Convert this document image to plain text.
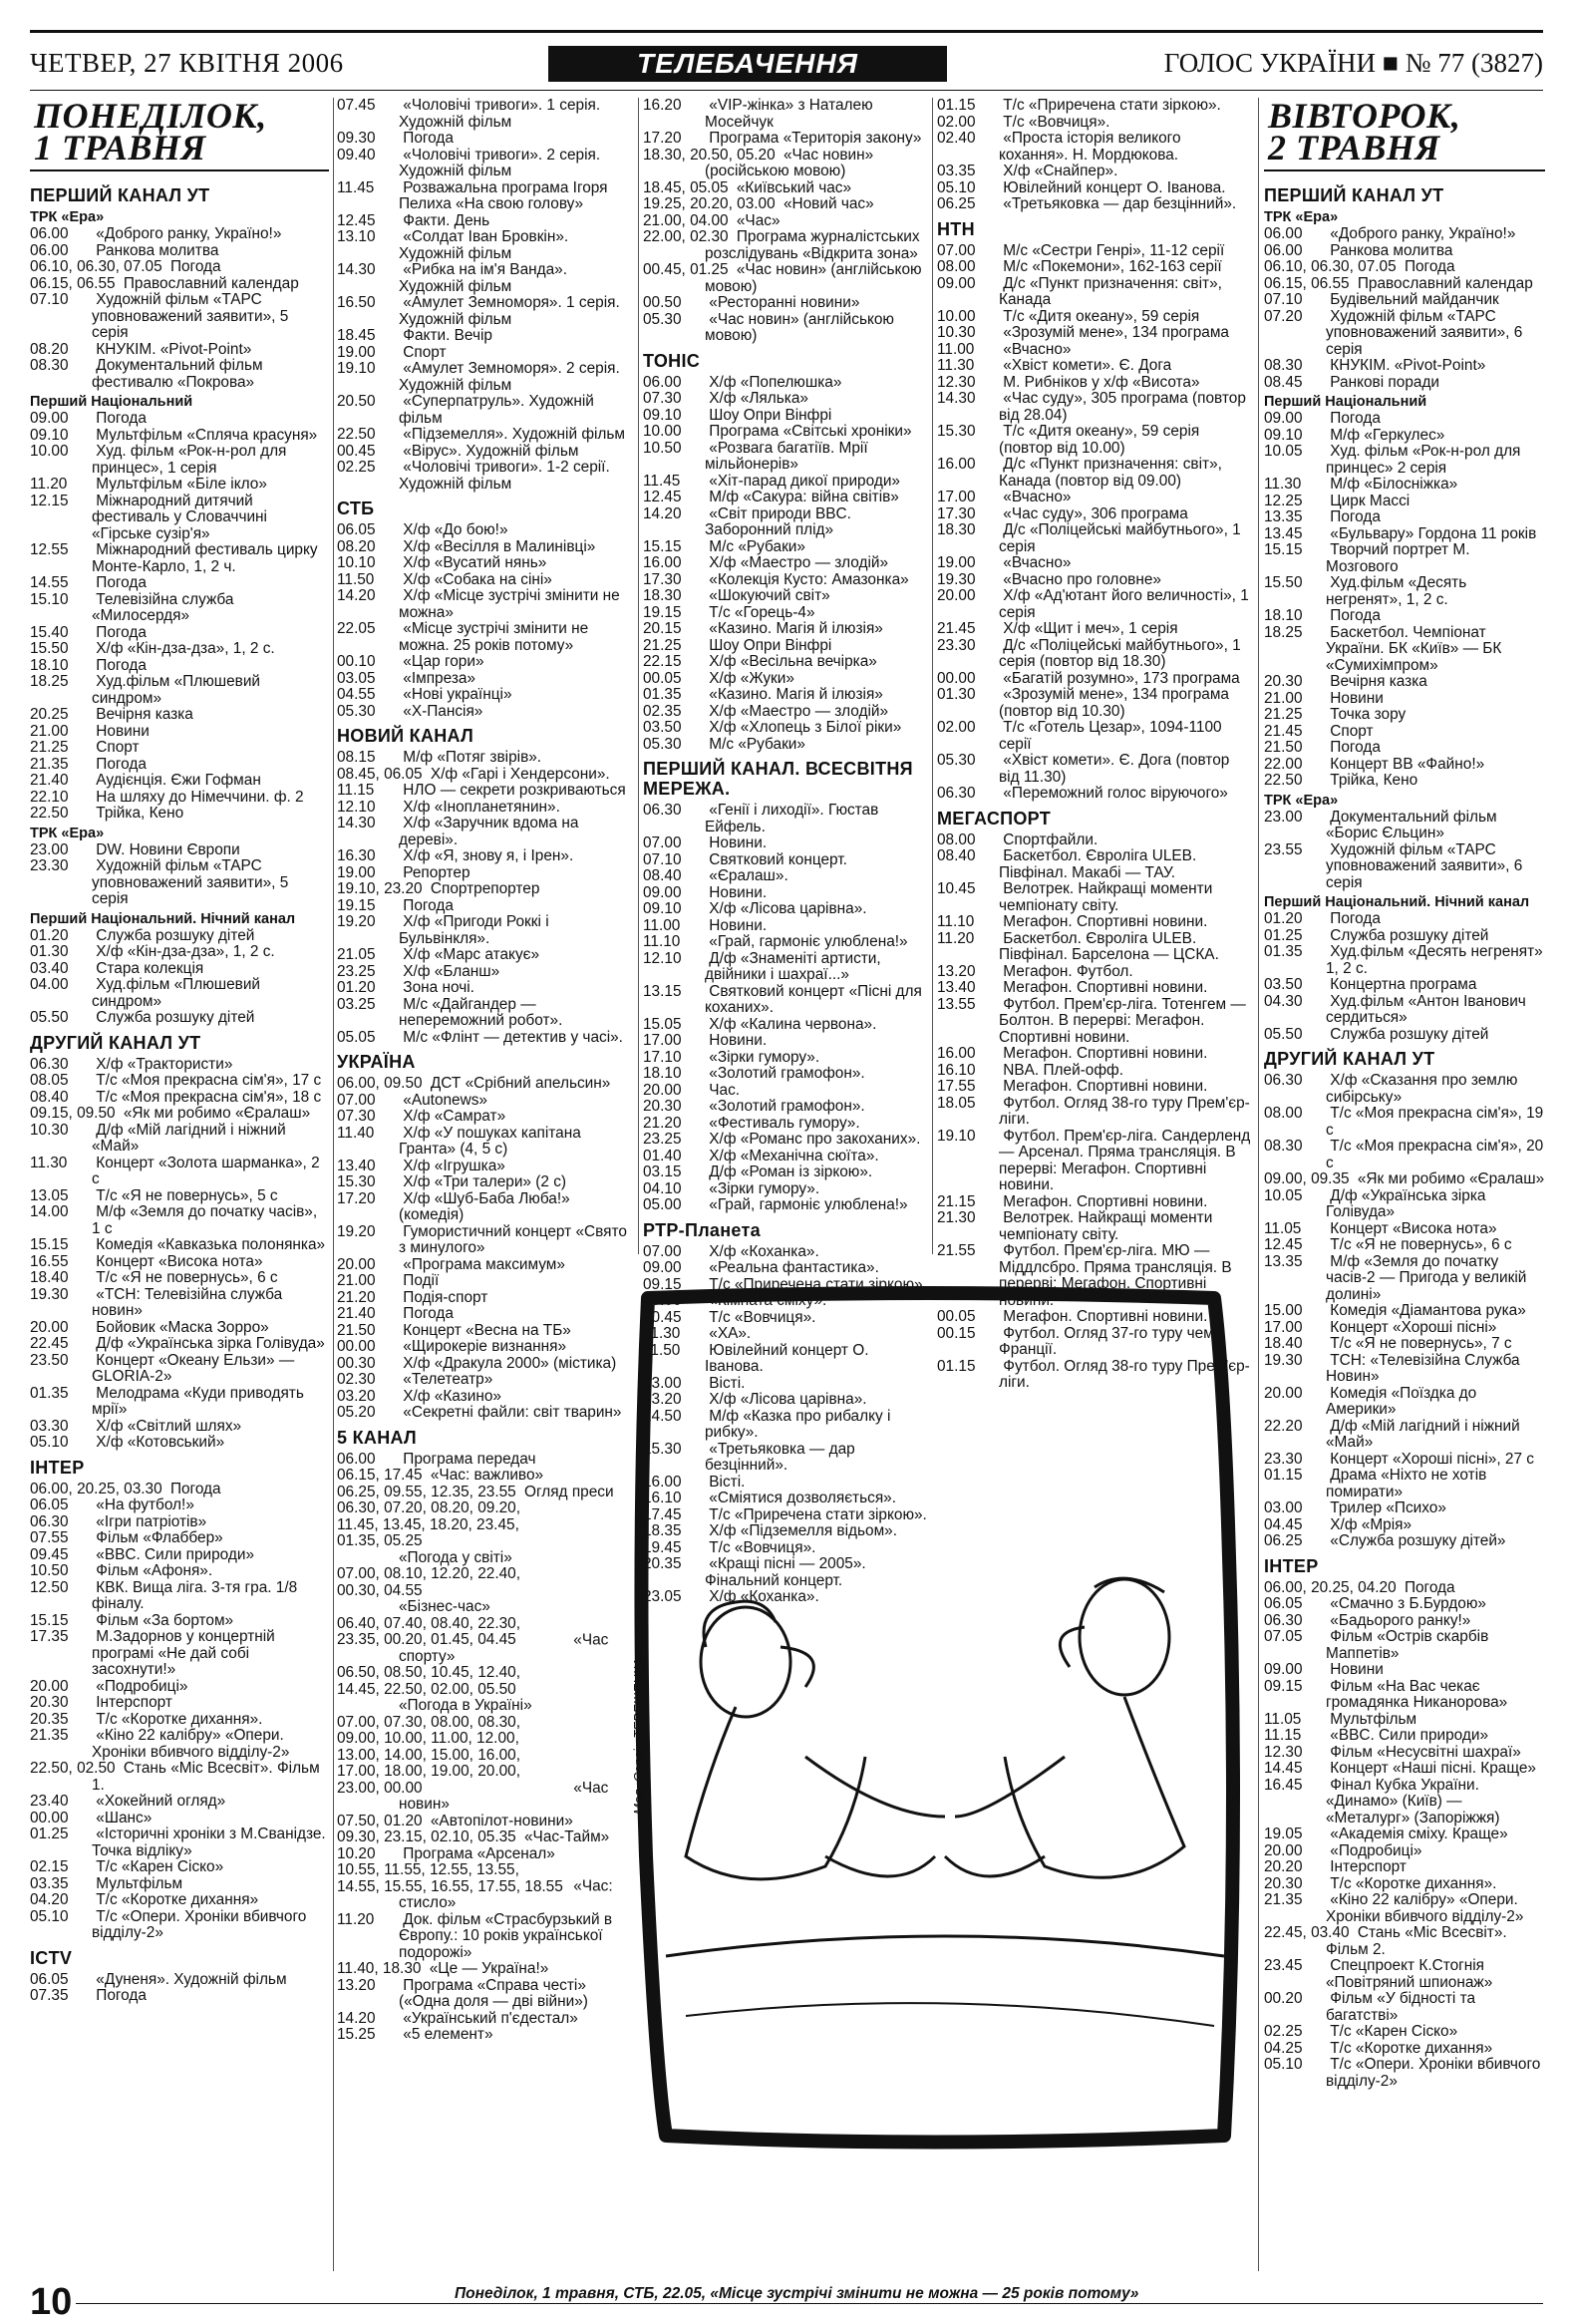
ЧЕТВЕР, 27 КВІТНЯ 2006	ТЕЛЕБАЧЕННЯ	ГОЛОС УКРАЇНИ ■ № 77 (3827)
ПОНЕДІЛОК,
1 ТРАВНЯ
ПЕРШИЙ КАНАЛ УТ
ТРК «Ера»
06.00 «Доброго ранку, Україно!»
06.00 Ранкова молитва
06.10, 06.30, 07.05 Погода
06.15, 06.55 Православний календар
07.10 Художній фільм «ТАРС уповноважений заявити», 5 серія
08.20 КНУКІМ. «Pivot-Point»
08.30 Документальний фільм фестивалю «Покрова»
Перший Національний
09.00 Погода
09.10 Мультфільм «Спляча красуня»
10.00 Худ. фільм «Рок-н-рол для принцес», 1 серія
11.20 Мультфільм «Біле ікло»
12.15 Міжнародний дитячий фестиваль у Словаччині «Гірське сузір'я»
12.55 Міжнародний фестиваль цирку Монте-Карло, 1, 2 ч.
14.55 Погода
15.10 Телевізійна служба «Милосердя»
15.40 Погода
15.50 Х/ф «Кін-дза-дза», 1, 2 с.
18.10 Погода
18.25 Худ.фільм «Плюшевий синдром»
20.25 Вечірня казка
21.00 Новини
21.25 Спорт
21.35 Погода
21.40 Аудієнція. Єжи Гофман
22.10 На шляху до Німеччини. ф. 2
22.50 Трійка, Кено
ТРК «Ера»
23.00 DW. Новини Європи
23.30 Художній фільм «ТАРС уповноважений заявити», 5 серія
Перший Національний. Нічний канал
01.20 Служба розшуку дітей
01.30 Х/ф «Кін-дза-дза», 1, 2 с.
03.40 Стара колекція
04.00 Худ.фільм «Плюшевий синдром»
05.50 Служба розшуку дітей
ДРУГИЙ КАНАЛ УТ
06.30 Х/ф «Трактористи»
08.05 Т/с «Моя прекрасна сім'я», 17 с
08.40 Т/с «Моя прекрасна сім'я», 18 с
09.15, 09.50 «Як ми робимо «Єралаш»
10.30 Д/ф «Мій лагідний і ніжний «Май»
11.30 Концерт «Золота шарманка», 2 с
13.05 Т/с «Я не повернусь», 5 с
14.00 М/ф «Земля до початку часів», 1 с
15.15 Комедія «Кавказька полонянка»
16.55 Концерт «Висока нота»
18.40 Т/с «Я не повернусь», 6 с
19.30 «ТСН: Телевізійна служба новин»
20.00 Бойовик «Маска Зорро»
22.45 Д/ф «Українська зірка Голівуда»
23.50 Концерт «Океану Ельзи» — GLORIA-2»
01.35 Мелодрама «Куди приводять мрії»
03.30 Х/ф «Світлий шлях»
05.10 Х/ф «Котовський»
ІНТЕР
06.00, 20.25, 03.30 Погода
06.05 «На футбол!»
06.30 «Ігри патріотів»
07.55 Фільм «Флаббер»
09.45 «BBC. Сили природи»
10.50 Фільм «Афоня».
12.50 КВК. Вища ліга. 3-тя гра. 1/8 фіналу.
15.15 Фільм «За бортом»
17.35 М.Задорнов у концертній програмі «Не дай собі засохнути!»
20.00 «Подробиці»
20.30 Інтерспорт
20.35 Т/с «Коротке дихання».
21.35 «Кіно 22 калібру» «Опери. Хроніки вбивчого відділу-2»
22.50, 02.50 Стань «Міс Всесвіт». Фільм 1.
23.40 «Хокейний огляд»
00.00 «Шанс»
01.25 «Історичні хроніки з М.Сванідзе. Точка відліку»
02.15 Т/с «Карен Сіско»
03.35 Мультфільм
04.20 Т/с «Коротке дихання»
05.10 Т/с «Опери. Хроніки вбивчого відділу-2»
ICTV
06.05 «Дуненя». Художній фільм
07.35 Погода
07.45 «Чоловічі тривоги». 1 серія. Художній фільм
09.30 Погода
09.40 «Чоловічі тривоги». 2 серія. Художній фільм
11.45 Розважальна програма Ігоря Пелиха «На свою голову»
12.45 Факти. День
13.10 «Солдат Іван Бровкін». Художній фільм
14.30 «Рибка на ім'я Ванда». Художній фільм
16.50 «Амулет Земноморя». 1 серія. Художній фільм
18.45 Факти. Вечір
19.00 Спорт
19.10 «Амулет Земноморя». 2 серія. Художній фільм
20.50 «Суперпатруль». Художній фільм
22.50 «Підземелля». Художній фільм
00.45 «Вірус». Художній фільм
02.25 «Чоловічі тривоги». 1-2 серії. Художній фільм
СТБ
06.05 Х/ф «До бою!»
08.20 Х/ф «Весілля в Малинівці»
10.10 Х/ф «Вусатий нянь»
11.50 Х/ф «Собака на сіні»
14.20 Х/ф «Місце зустрічі змінити не можна»
22.05 «Місце зустрічі змінити не можна. 25 років потому»
00.10 «Цар гори»
03.05 «Імпреза»
04.55 «Нові українці»
05.30 «Х-Пансія»
НОВИЙ КАНАЛ
08.15 М/ф «Потяг звірів».
08.45, 06.05 Х/ф «Гарі і Хендерсони».
11.15 НЛО — секрети розкриваються
12.10 Х/ф «Інопланетянин».
14.30 Х/ф «Заручник вдома на деревi».
16.30 Х/ф «Я, знову я, і Ірен».
19.00 Репортер
19.10, 23.20 Спортрепортер
19.15 Погода
19.20 Х/ф «Пригоди Роккі і Бульвінкля».
21.05 Х/ф «Марс атакує»
23.25 Х/ф «Бланш»
01.20 Зона ночі.
03.25 М/с «Дайгандер — непереможний робот».
05.05 М/с «Флінт — детектив у часі».
УКРАЇНА
06.00, 09.50 ДСТ «Срібний апельсин»
07.00 «Autonews»
07.30 Х/ф «Самрат»
11.40 Х/ф «У пошуках капітана Гранта» (4, 5 с)
13.40 Х/ф «Ігрушка»
15.30 Х/ф «Три талери» (2 с)
17.20 Х/ф «Шуб-Баба Люба!» (комедія)
19.20 Гумористичний концерт «Свято з минулого»
20.00 «Програма максимум»
21.00 Події
21.20 Подія-спорт
21.40 Погода
21.50 Концерт «Весна на ТБ»
00.00 «Щирокеріе визнання»
00.30 Х/ф «Дракула 2000» (містика)
02.30 «Телетеатр»
03.20 Х/ф «Казино»
05.20 «Секретні файли: світ тварин»
5 КАНАЛ
06.00 Програма передач
06.15, 17.45 «Час: важливо»
06.25, 09.55, 12.35, 23.55 Огляд преси
06.30, 07.20, 08.20, 09.20, 11.45, 13.45, 18.20, 23.45, 01.35, 05.25 «Погода у світі»
07.00, 08.10, 12.20, 22.40, 00.30, 04.55 «Бізнес-час»
06.40, 07.40, 08.40, 22.30, 23.35, 00.20, 01.45, 04.45	«Час спорту»
06.50, 08.50, 10.45, 12.40, 14.45, 22.50, 02.00, 05.50 «Погода в Україні»
07.00, 07.30, 08.00, 08.30, 09.00, 10.00, 11.00, 12.00, 13.00, 14.00, 15.00, 16.00, 17.00, 18.00, 19.00, 20.00, 23.00, 00.00	«Час новин»
07.50, 01.20 «Автопілот-новини»
09.30, 23.15, 02.10, 05.35 «Час-Тайм»
10.20 Програма «Арсенал»
10.55, 11.55, 12.55, 13.55, 14.55, 15.55, 16.55, 17.55, 18.55 «Час: стисло»
11.20 Док. фільм «Страсбурзький в Європу.: 10 років української подорожі»
11.40, 18.30 «Це — Україна!»
13.20 Програма «Справа честі» («Одна доля — дві війни»)
14.20 «Український п'єдестал»
15.25 «5 елемент»
16.20 «VIP-жінка» з Наталею Мосейчук
17.20 Програма «Територія закону»
18.30, 20.50, 05.20 «Час новин» (російською мовою)
18.45, 05.05 «Київський час»
19.25, 20.20, 03.00 «Новий час»
21.00, 04.00 «Час»
22.00, 02.30 Програма журналістських розслідувань «Відкрита зона»
00.45, 01.25 «Час новин» (англійською мовою)
00.50 «Ресторанні новини»
05.30 «Час новин» (англійською мовою)
ТОНІС
06.00 Х/ф «Попелюшка»
07.30 Х/ф «Лялька»
09.10 Шоу Опри Вінфрі
10.00 Програма «Світські хроніки»
10.50 «Розвага багатіїв. Мрії мільйонерів»
11.45 «Хіт-парад дикої природи»
12.45 М/ф «Сакура: війна світів»
14.20 «Світ природи BBC. Заборонний плід»
15.15 М/с «Рубаки»
16.00 Х/ф «Маестро — злодій»
17.30 «Колекція Кусто: Амазонка»
18.30 «Шокуючий світ»
19.15 Т/с «Горець-4»
20.15 «Казино. Магія й ілюзія»
21.25 Шоу Опри Вінфрі
22.15 Х/ф «Весільна вечірка»
00.05 Х/ф «Жуки»
01.35 «Казино. Магія й ілюзія»
02.35 Х/ф «Маестро — злодій»
03.50 Х/ф «Хлопець з Білої ріки»
05.30 М/с «Рубаки»
ПЕРШИЙ КАНАЛ. ВСЕСВІТНЯ МЕРЕЖА.
06.30 «Генії і лиходії». Гюстав Ейфель.
07.00 Новини.
07.10 Святковий концерт.
08.40 «Єралаш».
09.00 Новини.
09.10 Х/ф «Лісова царівна».
11.00 Новини.
11.10 «Грай, гармоніє улюблена!»
12.10 Д/ф «Знаменіті артисти, двійники і шахраї...»
13.15 Святковий концерт «Пісні для коханих».
15.05 Х/ф «Калина червона».
17.00 Новини.
17.10 «Зірки гумору».
18.10 «Золотий грамофон».
20.00 Час.
20.30 «Золотий грамофон».
21.20 «Фестиваль гумору».
23.25 Х/ф «Романс про закоханих».
01.40 Х/ф «Механічна сюїта».
03.15 Д/ф «Роман із зіркою».
04.10 «Зірки гумору».
05.00 «Грай, гармоніє улюблена!»
РТР-Планета
07.00 Х/ф «Коханка».
09.00 «Реальна фантастика».
09.15 Т/с «Приречена стати зіркою».
10.00 «Кімната сміху».
10.45 Т/с «Вовчиця».
11.30 «ХА».
11.50 Ювілейний концерт О. Іванова.
13.00 Вісті.
13.20 Х/ф «Лісова царівна».
14.50 М/ф «Казка про рибалку і рибку».
15.30 «Третьяковка — дар безцінний».
16.00 Вісті.
16.10 «Сміятися дозволяється».
17.45 Т/с «Приречена стати зіркою».
18.35 Х/ф «Підземелля відьом».
19.45 Т/с «Вовчиця».
20.35 «Кращі пісні — 2005». Фінальний концерт.
23.05 Х/ф «Коханка».
01.15 Т/с «Приречена стати зіркою».
02.00 Т/с «Вовчиця».
02.40 «Проста історія великого кохання». Н. Мордюкова.
03.35 Х/ф «Снайпер».
05.10 Ювілейний концерт О. Іванова.
06.25 «Третьяковка — дар безцінний».
НТН
07.00 М/с «Сестри Генрі», 11-12 серії
08.00 М/с «Покемони», 162-163 серії
09.00 Д/с «Пункт призначення: світ», Канада
10.00 Т/с «Дитя океану», 59 серія
10.30 «Зрозумій мене», 134 програма
11.00 «Вчасно»
11.30 «Хвіст комети». Є. Дога
12.30 М. Рибніков у х/ф «Висота»
14.30 «Час суду», 305 програма (повтор від 28.04)
15.30 Т/с «Дитя океану», 59 серія (повтор від 10.00)
16.00 Д/с «Пункт призначення: світ», Канада (повтор від 09.00)
17.00 «Вчасно»
17.30 «Час суду», 306 програма
18.30 Д/с «Поліцейські майбутнього», 1 серія
19.00 «Вчасно»
19.30 «Вчасно про головне»
20.00 Х/ф «Ад'ютант його величності», 1 серія
21.45 Х/ф «Щит і меч», 1 серія
23.30 Д/с «Поліцейські майбутнього», 1 серія (повтор від 18.30)
00.00 «Багатій розумно», 173 програма
01.30 «Зрозумій мене», 134 програма (повтор від 10.30)
02.00 Т/с «Готель Цезар», 1094-1100 серії
05.30 «Хвіст комети». Є. Дога (повтор від 11.30)
06.30 «Переможний голос віруючого»
МЕГАСПОРТ
08.00 Спортфайли.
08.40 Баскетбол. Євроліга ULEB. Півфінал. Макабі — ТАУ.
10.45 Велотрек. Найкращі моменти чемпіонату світу.
11.10 Мегафон. Спортивні новини.
11.20 Баскетбол. Євроліга ULEB. Півфінал. Барселона — ЦСКА.
13.20 Мегафон. Футбол.
13.40 Мегафон. Спортивні новини.
13.55 Футбол. Прем'єр-ліга. Тотенгем — Болтон. В перерві: Мегафон. Спортивні новини.
16.00 Мегафон. Спортивні новини.
16.10 NBA. Плей-офф.
17.55 Мегафон. Спортивні новини.
18.05 Футбол. Огляд 38-го туру Прем'єр-ліги.
19.10 Футбол. Прем'єр-ліга. Сандерленд — Арсенал. Пряма трансляція. В перерві: Мегафон. Спортивні новини.
21.15 Мегафон. Спортивні новини.
21.30 Велотрек. Найкращі моменти чемпіонату світу.
21.55 Футбол. Прем'єр-ліга. МЮ — Міддлсбро. Пряма трансляція. В перерві: Мегафон. Спортивні новини.
00.05 Мегафон. Спортивні новини.
00.15 Футбол. Огляд 37-го туру чемп. Франції.
01.15 Футбол. Огляд 38-го туру Прем'єр-ліги.
ВІВТОРОК,
2 ТРАВНЯ
ПЕРШИЙ КАНАЛ УТ
ТРК «Ера»
06.00 «Доброго ранку, Україно!»
06.00 Ранкова молитва
06.10, 06.30, 07.05 Погода
06.15, 06.55 Православний календар
07.10 Будівельний майданчик
07.20 Художній фільм «ТАРС уповноважений заявити», 6 серія
08.30 КНУКІМ. «Pivot-Point»
08.45 Ранкові поради
Перший Національний
09.00 Погода
09.10 М/ф «Геркулес»
10.05 Худ. фільм «Рок-н-рол для принцес» 2 серія
11.30 М/ф «Білосніжка»
12.25 Цирк Массі
13.35 Погода
13.45 «Бульвару» Гордона 11 років
15.15 Творчий портрет М. Мозгового
15.50 Худ.фільм «Десять негренят», 1, 2 с.
18.10 Погода
18.25 Баскетбол. Чемпіонат України. БК «Київ» — БК «Сумихімпром»
20.30 Вечірня казка
21.00 Новини
21.25 Точка зору
21.45 Спорт
21.50 Погода
22.00 Концерт ВВ «Файно!»
22.50 Трійка, Кено
ТРК «Ера»
23.00 Документальний фільм «Борис Єльцин»
23.55 Художній фільм «ТАРС уповноважений заявити», 6 серія
Перший Національний. Нічний канал
01.20 Погода
01.25 Служба розшуку дітей
01.35 Худ.фільм «Десять негренят» 1, 2 с.
03.50 Концертна програма
04.30 Худ.фільм «Антон Іванович сердиться»
05.50 Служба розшуку дітей
ДРУГИЙ КАНАЛ УТ
06.30 Х/ф «Сказання про землю сибірську»
08.00 Т/с «Моя прекрасна сім'я», 19 с
08.30 Т/с «Моя прекрасна сім'я», 20 с
09.00, 09.35 «Як ми робимо «Єралаш»
10.05 Д/ф «Українська зірка Голівуда»
11.05 Концерт «Висока нота»
12.45 Т/с «Я не повернусь», 6 с
13.35 М/ф «Земля до початку часів-2 — Пригода у великій долині»
15.00 Комедія «Діамантова рука»
17.00 Концерт «Хороші пісні»
18.40 Т/с «Я не повернусь», 7 с
19.30 ТСН: «Телевізійна Служба Новин»
20.00 Комедія «Поїздка до Америки»
22.20 Д/ф «Мій лагідний і ніжний «Май»
23.30 Концерт «Хороші пісні», 27 с
01.15 Драма «Ніхто не хотів помирати»
03.00 Трилер «Психо»
04.45 Х/ф «Мрія»
06.25 «Служба розшуку дітей»
ІНТЕР
06.00, 20.25, 04.20 Погода
06.05 «Смачно з Б.Бурдою»
06.30 «Бадьорого ранку!»
07.05 Фільм «Острів скарбів Маппетів»
09.00 Новини
09.15 Фільм «На Вас чекає громадянка Никанорова»
11.05 Мультфільм
11.15 «BBC. Сили природи»
12.30 Фільм «Несусвітні шахраї»
14.45 Концерт «Наші пісні. Краще»
16.45 Фінал Кубка України. «Динамо» (Київ) — «Металург» (Запоріжжя)
19.05 «Академія сміху. Краще»
20.00 «Подробиці»
20.20 Інтерспорт
20.30 Т/с «Коротке дихання».
21.35 «Кіно 22 калібру» «Опери. Хроніки вбивчого відділу-2»
22.45, 03.40 Стань «Міс Всесвіт». Фільм 2.
23.45 Спецпроект К.Стогнія «Повітряний шпионаж»
00.20 Фільм «У бідності та багатстві»
02.25 Т/с «Карен Сіско»
04.25 Т/с «Коротке дихання»
05.10 Т/с «Опери. Хроніки вбивчого відділу-2»
Мал. Сергія ТЕРЕЩЕНКА.
10	Понеділок, 1 травня, СТБ, 22.05, «Місце зустрічі змінити не можна — 25 років потому»
